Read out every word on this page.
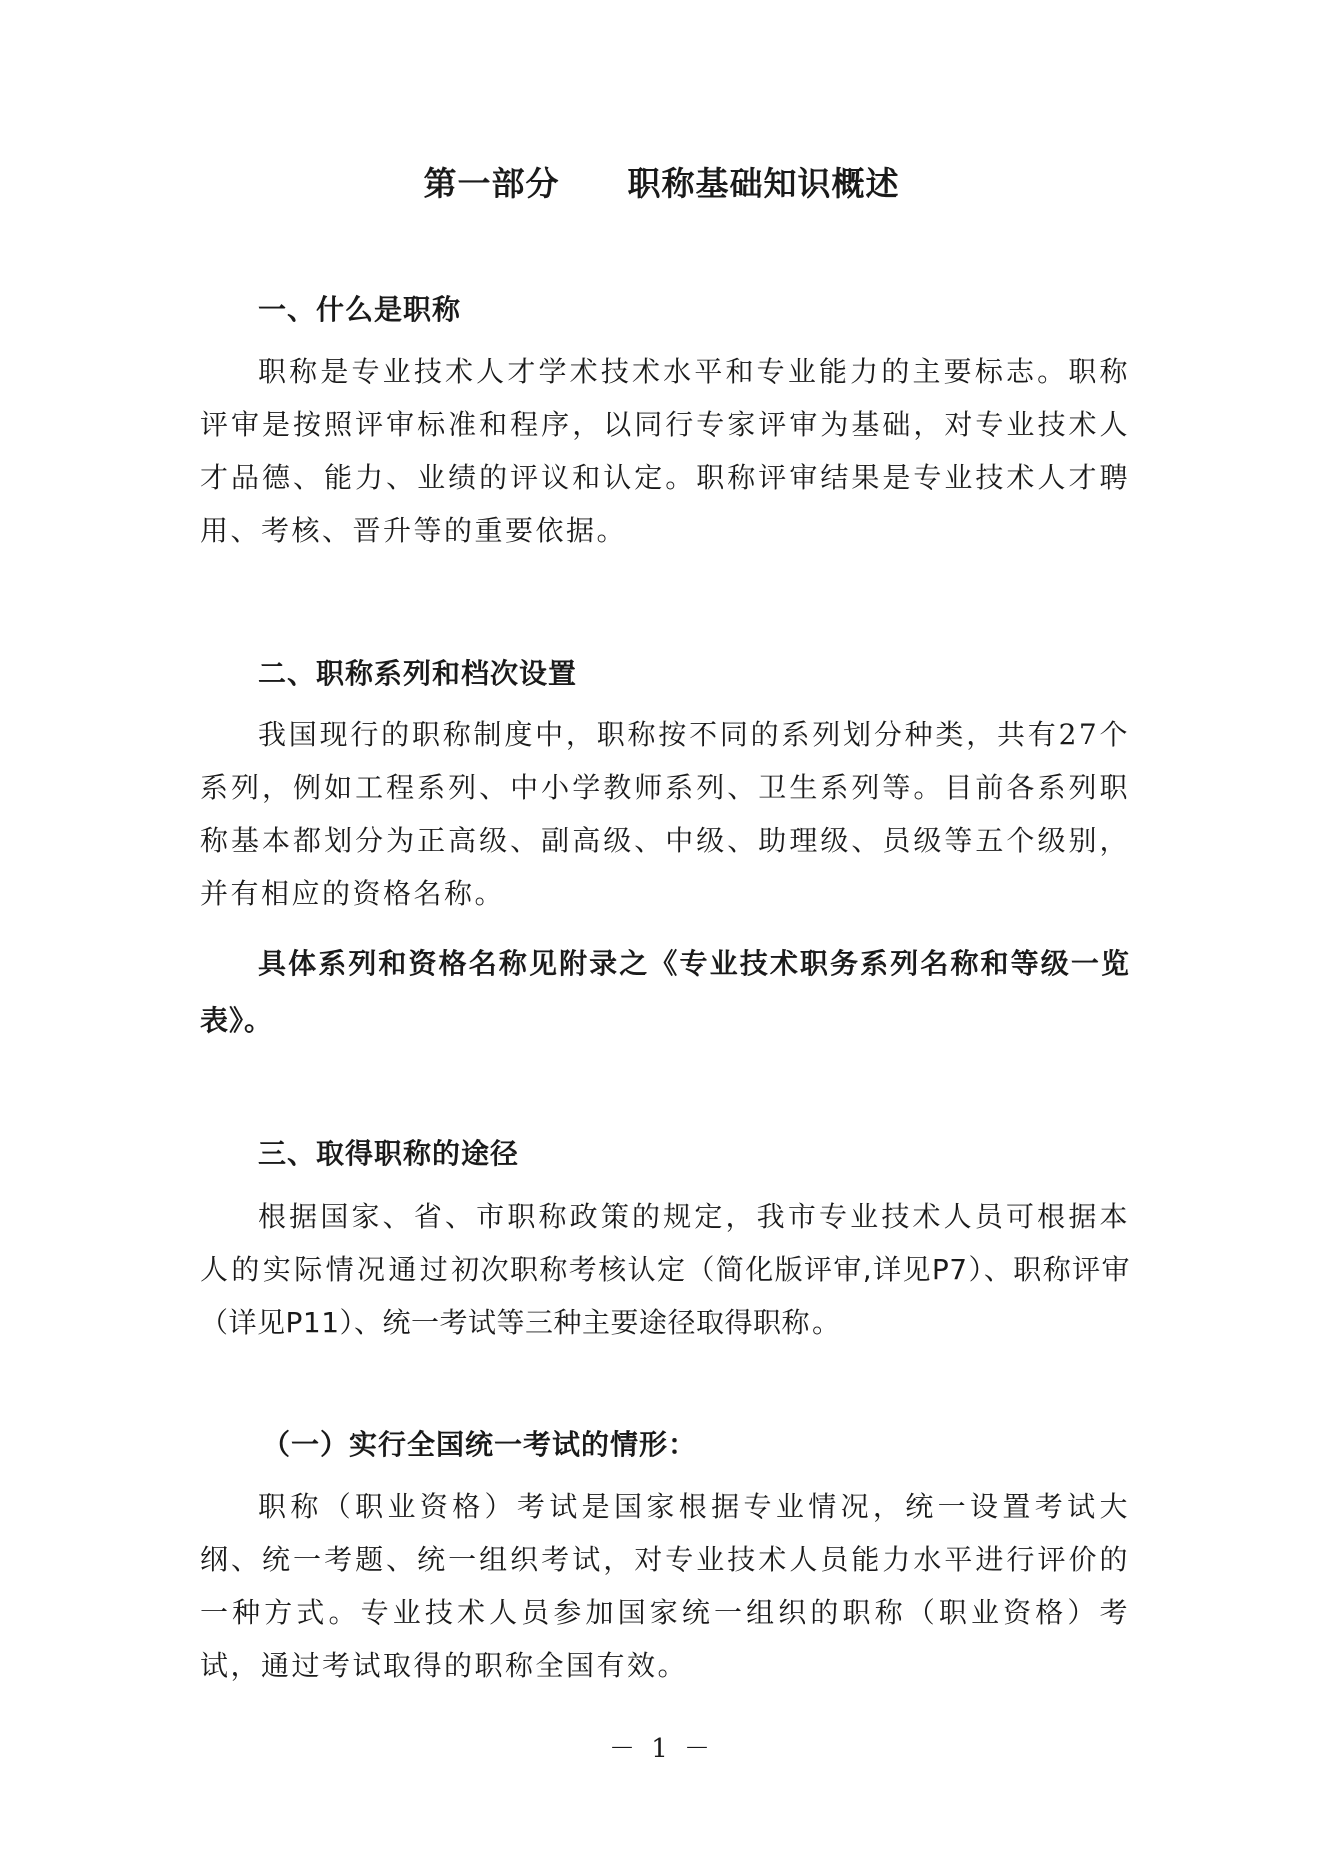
第一部分　　职称基础知识概述
一、什么是职称
职称是专业技术人才学术技术水平和专业能力的主要标志。职称评审是按照评审标准和程序，以同行专家评审为基础，对专业技术人才品德、能力、业绩的评议和认定。职称评审结果是专业技术人才聘用、考核、晋升等的重要依据。
二、职称系列和档次设置
我国现行的职称制度中，职称按不同的系列划分种类，共有27个系列，例如工程系列、中小学教师系列、卫生系列等。目前各系列职称基本都划分为正高级、副高级、中级、助理级、员级等五个级别，并有相应的资格名称。
具体系列和资格名称见附录之《专业技术职务系列名称和等级一览表》。
三、取得职称的途径
根据国家、省、市职称政策的规定，我市专业技术人员可根据本人的实际情况通过初次职称考核认定（简化版评审,详见P7）、职称评审（详见P11）、统一考试等三种主要途径取得职称。
（一）实行全国统一考试的情形：
职称（职业资格）考试是国家根据专业情况，统一设置考试大纲、统一考题、统一组织考试，对专业技术人员能力水平进行评价的一种方式。专业技术人员参加国家统一组织的职称（职业资格）考试，通过考试取得的职称全国有效。
－ 1 －
